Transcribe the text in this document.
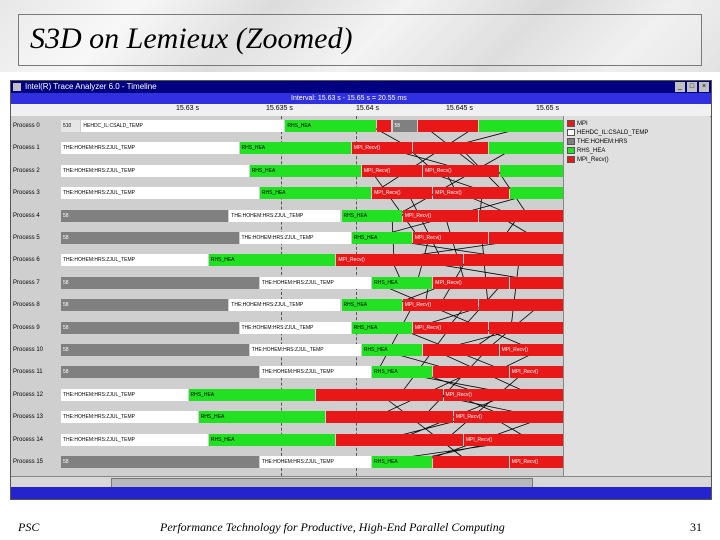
S3D on Lemieux (Zoomed)
Intel(R) Trace Analyzer 6.0 - Timeline	_	□	×
Interval: 15.63 s - 15.65 s = 20.55 ms
15.63 s	15.635 s	15.64 s	15.645 s	15.65 s
Process 0	510	HEHDC_IL:CSALD_TEMP	RHS_HEA	58
Process 1	THE:HOHEM:HRS:ZJUL_TEMP	RHS_HEA	MPI_Recv()
Process 2	THE:HOHEM:HRS:ZJUL_TEMP	RHS_HEA	MPI_Recv()	MPI_Recv()
Process 3	THE:HOHEM:HRS:ZJUL_TEMP	RHS_HEA	MPI_Recv()	MPI_Recv()
Process 4	58	THE:HOHEM:HRS:ZJUL_TEMP	RHS_HEA	MPI_Recv()
Process 5	58	THE:HOHEM:HRS:ZJUL_TEMP	RHS_HEA	MPI_Recv()
Process 6	THE:HOHEM:HRS:ZJUL_TEMP	RHS_HEA	MPI_Recv()
Process 7	58	THE:HOHEM:HRS:ZJUL_TEMP	RHS_HEA	MPI_Recv()
Process 8	58	THE:HOHEM:HRS:ZJUL_TEMP	RHS_HEA	MPI_Recv()
Process 9	58	THE:HOHEM:HRS:ZJUL_TEMP	RHS_HEA	MPI_Recv()
Process 10	58	THE:HOHEM:HRS:ZJUL_TEMP	RHS_HEA	MPI_Recv()
Process 11	58	THE:HOHEM:HRS:ZJUL_TEMP	RHS_HEA	MPI_Recv()
Process 12	THE:HOHEM:HRS:ZJUL_TEMP	RHS_HEA	MPI_Recv()
Process 13	THE:HOHEM:HRS:ZJUL_TEMP	RHS_HEA	MPI_Recv()
Process 14	THE:HOHEM:HRS:ZJUL_TEMP	RHS_HEA	MPI_Recv()
Process 15	58	THE:HOHEM:HRS:ZJUL_TEMP	RHS_HEA	MPI_Recv()
MPI
HEHDC_IL:CSALD_TEMP
THE:HOHEM:HRS
RHS_HEA
MPI_Recv()
PSC	Performance Technology for Productive, High-End Parallel Computing	31
